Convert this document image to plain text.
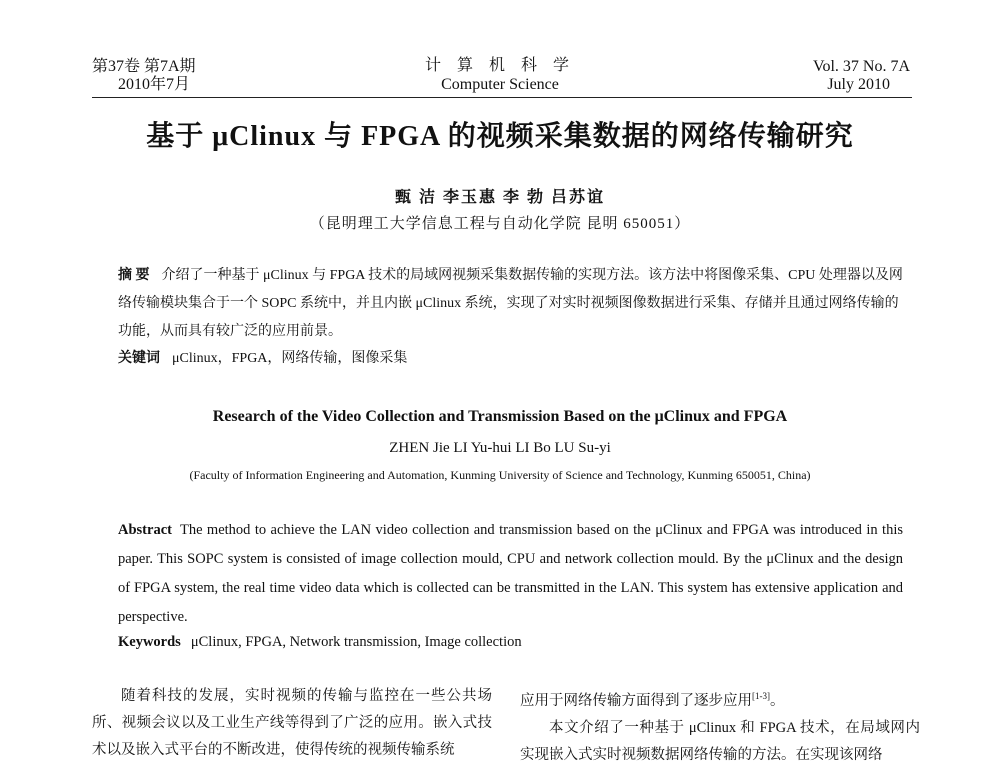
第37卷 第7A期
2010年7月
计 算 机 科 学
Computer Science
Vol. 37 No. 7A
July 2010
基于 μClinux 与 FPGA 的视频采集数据的网络传输研究
甄 洁 李玉惠 李 勃 吕苏谊
（昆明理工大学信息工程与自动化学院 昆明 650051）
摘 要 介绍了一种基于 μClinux 与 FPGA 技术的局域网视频采集数据传输的实现方法。该方法中将图像采集、CPU 处理器以及网络传输模块集合于一个 SOPC 系统中，并且内嵌 μClinux 系统，实现了对实时视频图像数据进行采集、存储并且通过网络传输的功能，从而具有较广泛的应用前景。
关键词 μClinux，FPGA，网络传输，图像采集
Research of the Video Collection and Transmission Based on the μClinux and FPGA
ZHEN Jie LI Yu-hui LI Bo LU Su-yi
(Faculty of Information Engineering and Automation, Kunming University of Science and Technology, Kunming 650051, China)
Abstract The method to achieve the LAN video collection and transmission based on the μClinux and FPGA was introduced in this paper. This SOPC system is consisted of image collection mould, CPU and network collection mould. By the μClinux and the design of FPGA system, the real time video data which is collected can be transmitted in the LAN. This system has extensive application and perspective.
Keywords μClinux, FPGA, Network transmission, Image collection
随着科技的发展，实时视频的传输与监控在一些公共场所、视频会议以及工业生产线等得到了广泛的应用。嵌入式技术以及嵌入式平台的不断改进，使得传统的视频传输系统
应用于网络传输方面得到了逐步应用[1-3]。
本文介绍了一种基于 μClinux 和 FPGA 技术，在局域网内实现嵌入式实时视频数据网络传输的方法。在实现该网络
